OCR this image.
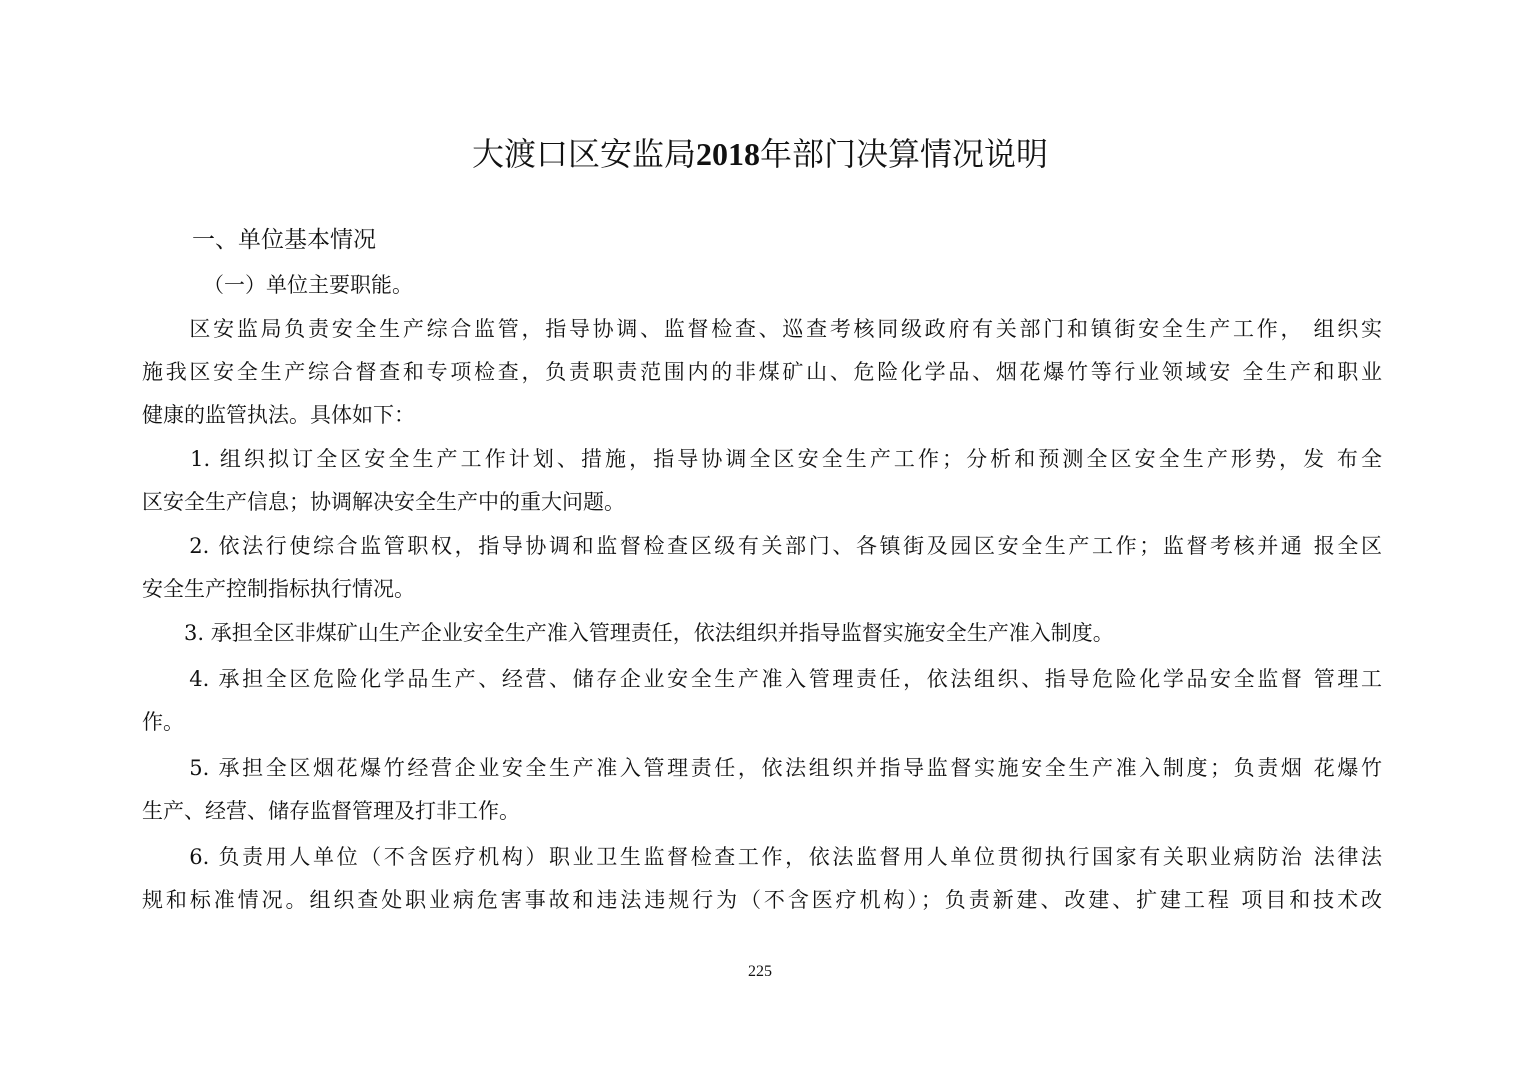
大渡口区安监局2018年部门决算情况说明
一、单位基本情况
（一）单位主要职能。
　　区安监局负责安全生产综合监管，指导协调、监督检查、巡查考核同级政府有关部门和镇街安全生产工作， 组织实
施我区安全生产综合督查和专项检查，负责职责范围内的非煤矿山、危险化学品、烟花爆竹等行业领域安 全生产和职业
健康的监管执法。具体如下：
　　1. 组织拟订全区安全生产工作计划、措施，指导协调全区安全生产工作；分析和预测全区安全生产形势，发 布全
区安全生产信息；协调解决安全生产中的重大问题。
　　2. 依法行使综合监管职权，指导协调和监督检查区级有关部门、各镇街及园区安全生产工作；监督考核并通 报全区
安全生产控制指标执行情况。
　　3. 承担全区非煤矿山生产企业安全生产准入管理责任，依法组织并指导监督实施安全生产准入制度。
　　4. 承担全区危险化学品生产、经营、储存企业安全生产准入管理责任，依法组织、指导危险化学品安全监督 管理工
作。
　　5. 承担全区烟花爆竹经营企业安全生产准入管理责任，依法组织并指导监督实施安全生产准入制度；负责烟 花爆竹
生产、经营、储存监督管理及打非工作。
　　6. 负责用人单位（不含医疗机构）职业卫生监督检查工作，依法监督用人单位贯彻执行国家有关职业病防治 法律法
规和标准情况。组织查处职业病危害事故和违法违规行为（不含医疗机构）；负责新建、改建、扩建工程 项目和技术改
225
